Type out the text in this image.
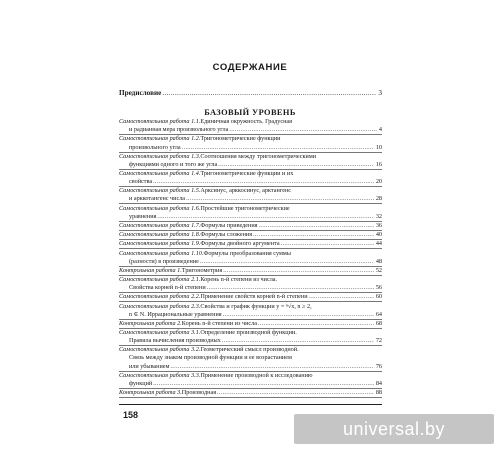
СОДЕРЖАНИЕ
Предисловие .....	3
БАЗОВЫЙ УРОВЕНЬ
Самостоятельная работа 1.1. Единичная окружность. Градусная
и радианная мера произвольного угла .....	4
Самостоятельная работа 1.2. Тригонометрические функции
произвольного угла .....	10
Самостоятельная работа 1.3. Соотношения между тригонометрическими
функциями одного и того же угла .....	16
Самостоятельная работа 1.4. Тригонометрические функции и их
свойства .....	20
Самостоятельная работа 1.5. Арксинус, арккосинус, арктангенс
и арккотангенс числа .....	28
Самостоятельная работа 1.6. Простейшие тригонометрические
уравнения .....	32
Самостоятельная работа 1.7. Формулы приведения .....	36
Самостоятельная работа 1.8. Формулы сложения .....	40
Самостоятельная работа 1.9. Формулы двойного аргумента .....	44
Самостоятельная работа 1.10. Формулы преобразования суммы
(разности) в произведение .....	48
Контрольная работа 1. Тригонометрия .....	52
Самостоятельная работа 2.1. Корень n-й степени из числа.
Свойства корней n-й степени .....	56
Самостоятельная работа 2.2. Применение свойств корней n-й степени .....	60
Самостоятельная работа 2.3. Свойства и график функции y = ⁿ√x, n ≥ 2,
n ∈ N. Иррациональные уравнения .....	64
Контрольная работа 2. Корень n-й степени из числа .....	68
Самостоятельная работа 3.1. Определение производной функции.
Правила вычисления производных .....	72
Самостоятельная работа 3.2. Геометрический смысл производной.
Связь между знаком производной функции и ее возрастанием
или убыванием .....	76
Самостоятельная работа 3.3. Применение производной к исследованию
функций .....	84
Контрольная работа 3. Производная .....	88
158
universal.by
